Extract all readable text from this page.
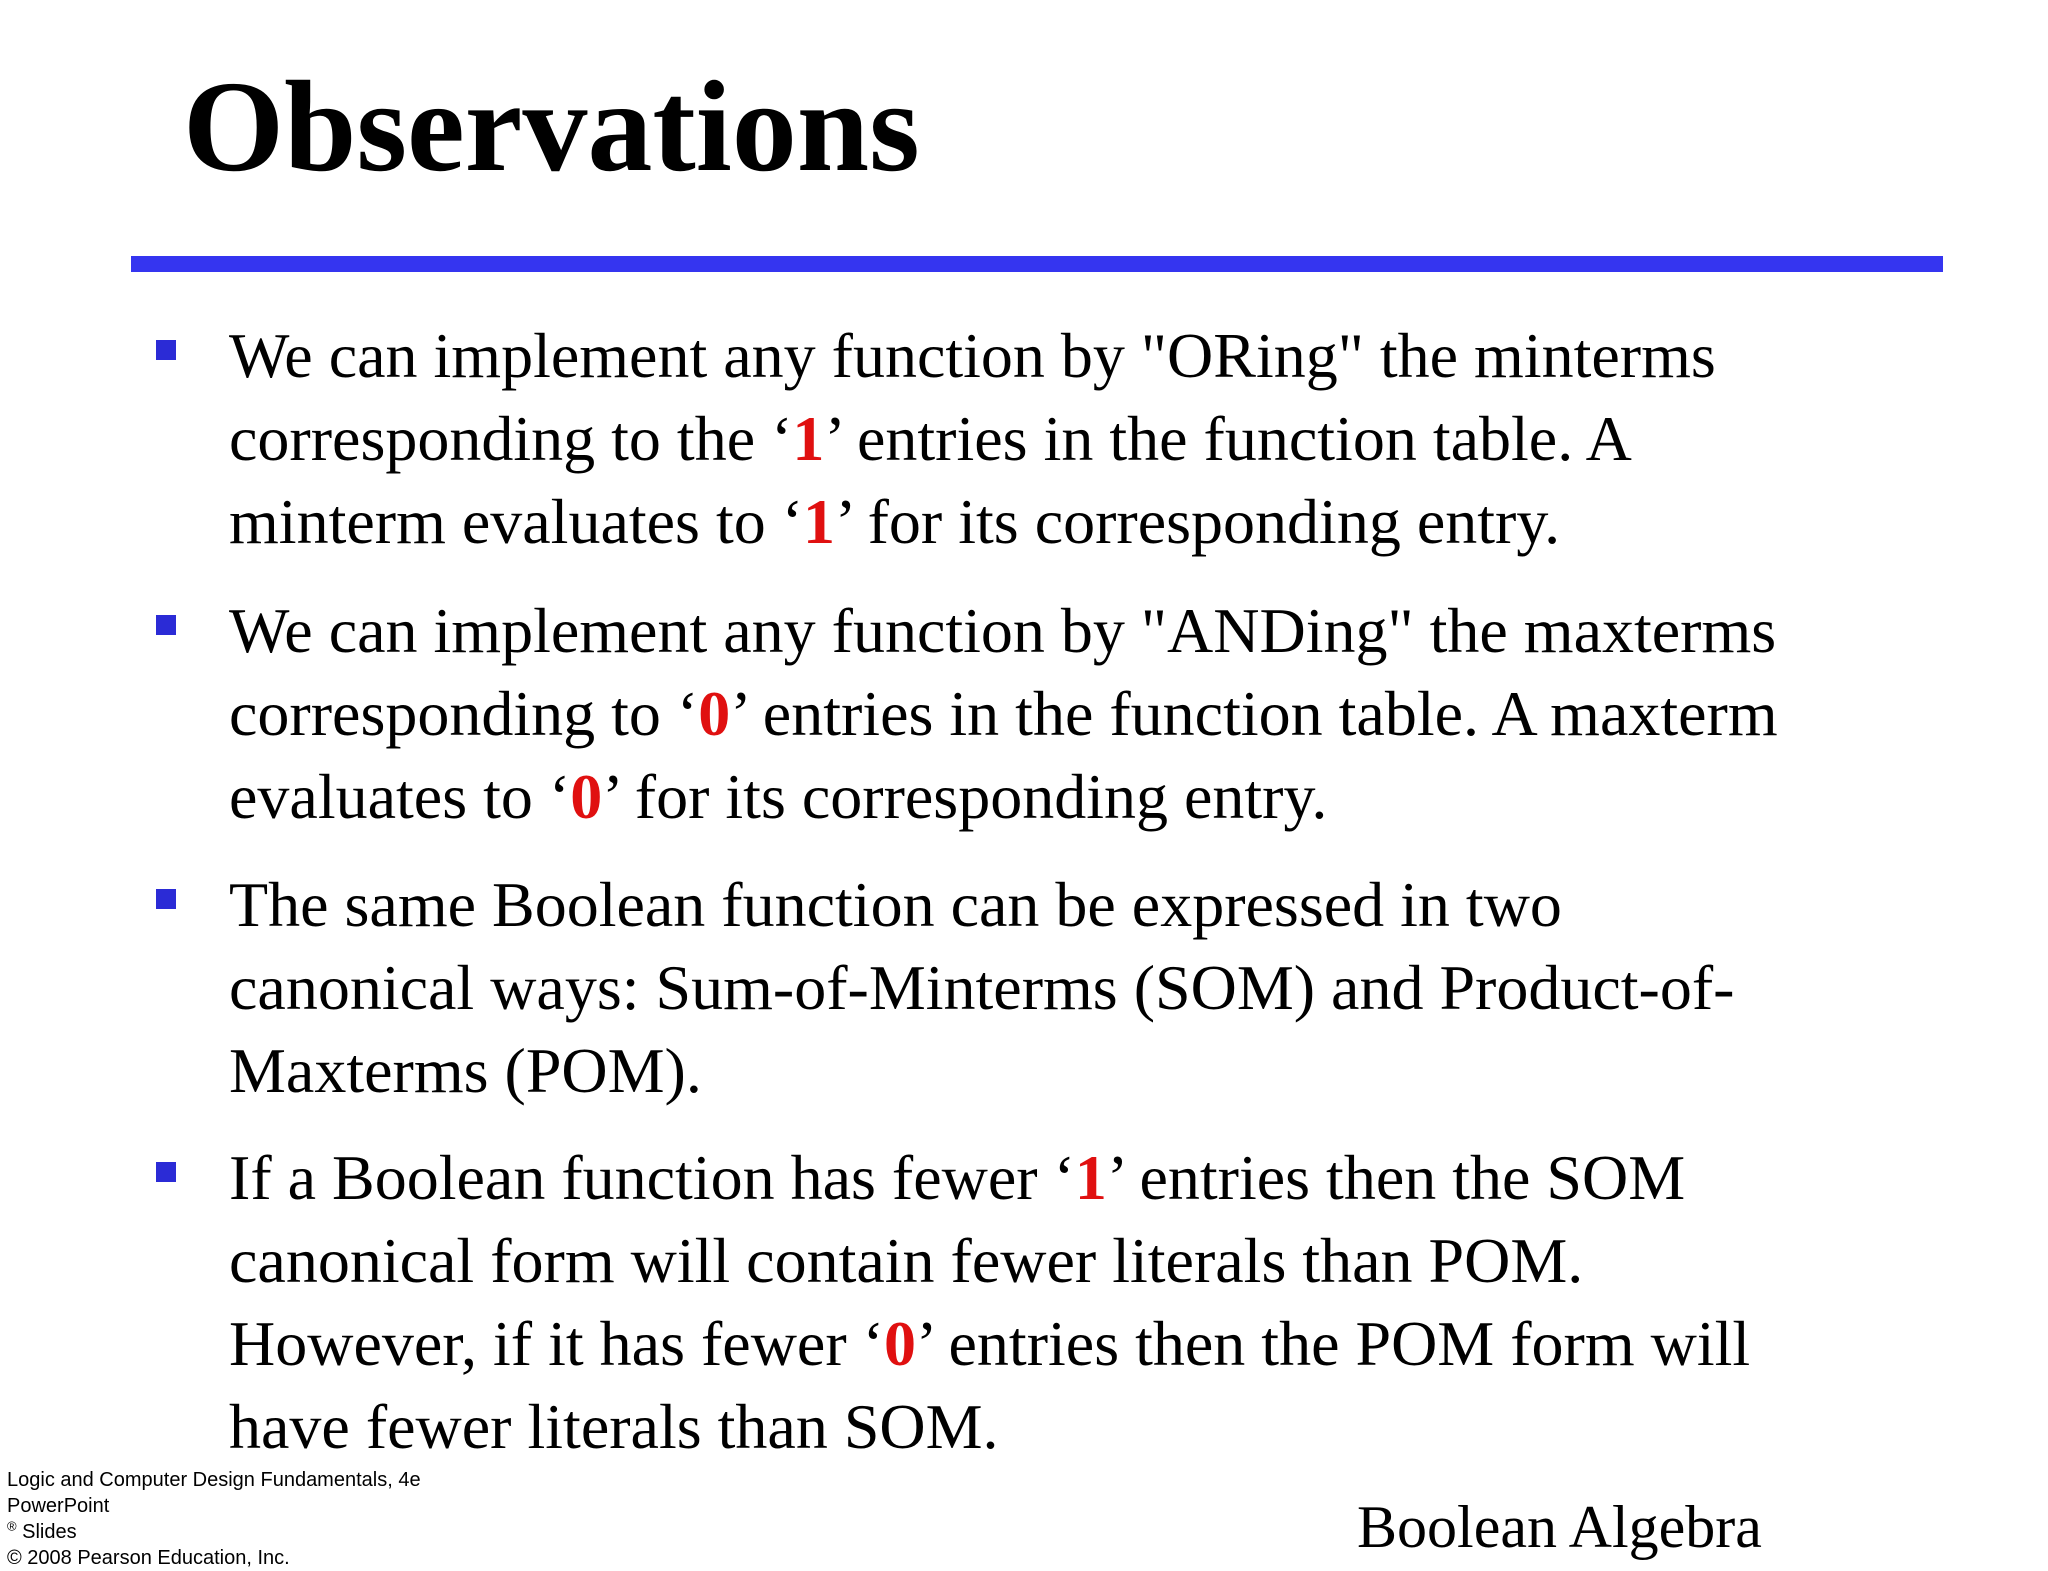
Observations
We can implement any function by "ORing" the minterms
corresponding to the ‘1’ entries in the function table. A
minterm evaluates to ‘1’ for its corresponding entry.
We can implement any function by "ANDing" the maxterms
corresponding to ‘0’ entries in the function table. A maxterm
evaluates to ‘0’ for its corresponding entry.
The same Boolean function can be expressed in two
canonical ways: Sum-of-Minterms (SOM) and Product-of-
Maxterms (POM).
If a Boolean function has fewer ‘1’ entries then the SOM
canonical form will contain fewer literals than POM.
However, if it has fewer ‘0’ entries then the POM form will
have fewer literals than SOM.
Logic and Computer Design Fundamentals, 4e
PowerPoint
® Slides
© 2008 Pearson Education, Inc.	Boolean Algebra
